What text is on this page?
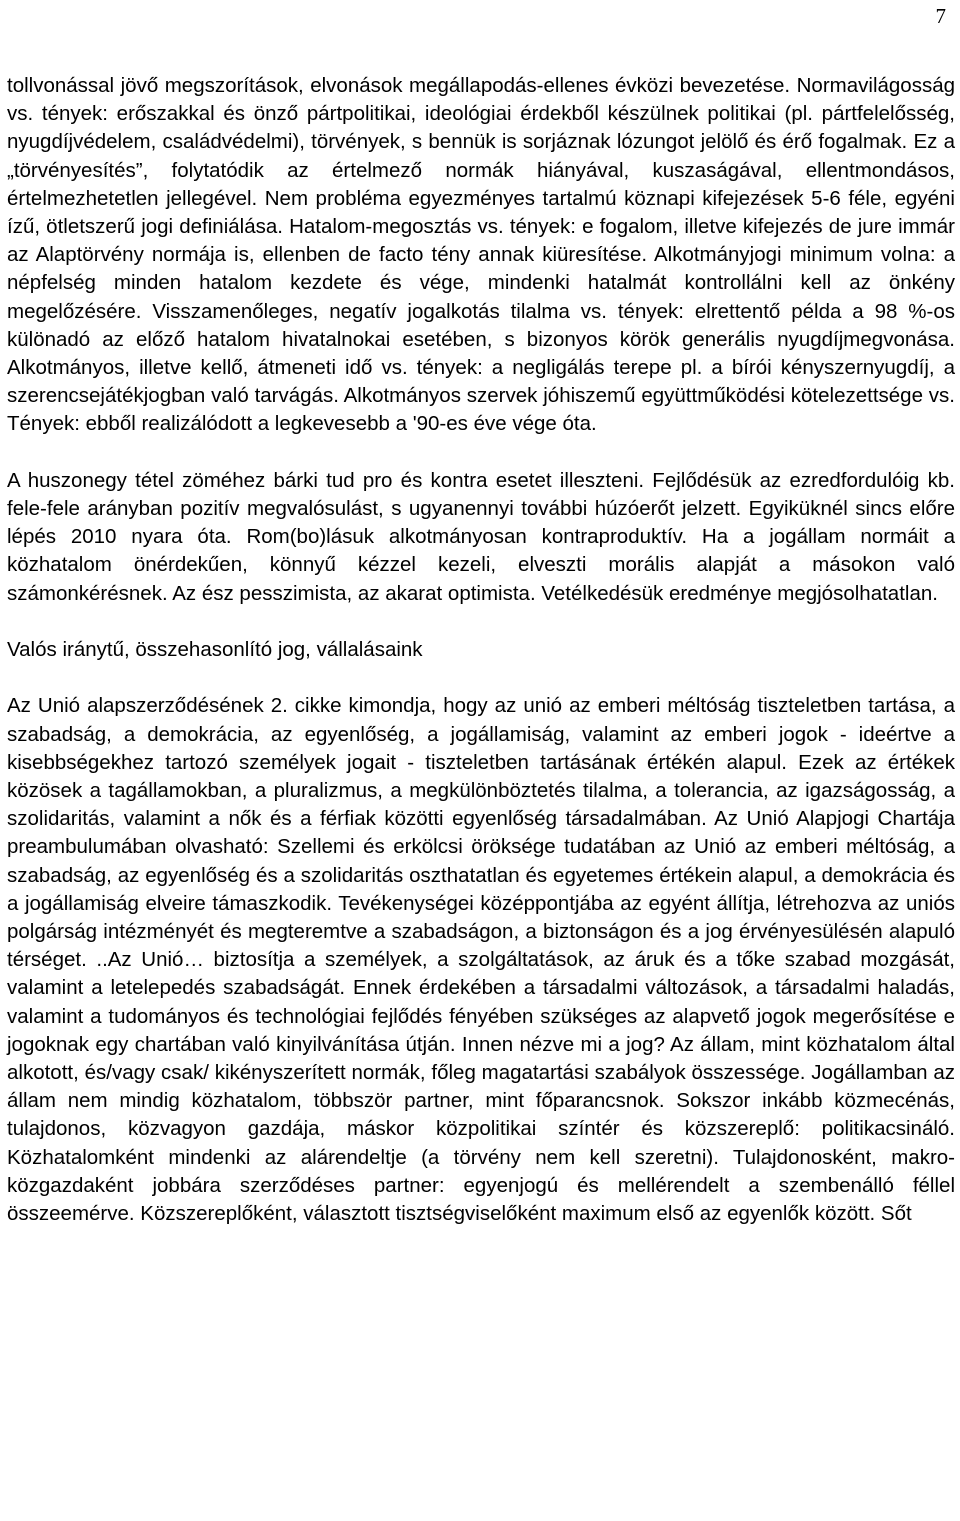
7

tollvonással jövő megszorítások, elvonások megállapodás-ellenes évközi bevezetése. Normavilágosság vs. tények: erőszakkal és önző pártpolitikai, ideológiai érdekből készülnek politikai (pl. pártfelelősség, nyugdíjvédelem, családvédelmi), törvények, s bennük is sorjáznak lózungot jelölő és érő fogalmak. Ez a „törvényesítés”, folytatódik az értelmező normák hiányával, kuszaságával, ellentmondásos, értelmezhetetlen jellegével. Nem probléma egyezményes tartalmú köznapi kifejezések 5-6 féle, egyéni ízű, ötletszerű jogi definiálása. Hatalom-megosztás vs. tények: e fogalom, illetve kifejezés de jure immár az Alaptörvény normája is, ellenben de facto tény annak kiüresítése. Alkotmányjogi minimum volna: a népfelség minden hatalom kezdete és vége, mindenki hatalmát kontrollálni kell az önkény megelőzésére. Visszamenőleges, negatív jogalkotás tilalma vs. tények: elrettentő példa a 98 %-os különadó az előző hatalom hivatalnokai esetében, s bizonyos körök generális nyugdíjmegvonása. Alkotmányos, illetve kellő, átmeneti idő vs. tények: a negligálás terepe pl. a bírói kényszernyugdíj, a szerencsejátékjogban való tarvágás. Alkotmányos szervek jóhiszemű együttműködési kötelezettsége vs. Tények: ebből realizálódott a legkevesebb a '90-es éve vége óta.

A huszonegy tétel zöméhez bárki tud pro és kontra esetet illeszteni. Fejlődésük az ezredfordulóig kb. fele-fele arányban pozitív megvalósulást, s ugyanennyi további húzóerőt jelzett. Egyiküknél sincs előre lépés 2010 nyara óta. Rom(bo)lásuk alkotmányosan kontraproduktív. Ha a jogállam normáit a közhatalom önérdekűen, könnyű kézzel kezeli, elveszti morális alapját a másokon való számonkérésnek. Az ész pesszimista, az akarat optimista. Vetélkedésük eredménye megjósolhatatlan.

Valós iránytű, összehasonlító jog, vállalásaink

Az Unió alapszerződésének 2. cikke kimondja, hogy az unió az emberi méltóság tiszteletben tartása, a szabadság, a demokrácia, az egyenlőség, a jogállamiság, valamint az emberi jogok - ideértve a kisebbségekhez tartozó személyek jogait - tiszteletben tartásának értékén alapul. Ezek az értékek közösek a tagállamokban, a pluralizmus, a megkülönböztetés tilalma, a tolerancia, az igazságosság, a szolidaritás, valamint a nők és a férfiak közötti egyenlőség társadalmában. Az Unió Alapjogi Chartája preambulumában olvasható: Szellemi és erkölcsi öröksége tudatában az Unió az emberi méltóság, a szabadság, az egyenlőség és a szolidaritás oszthatatlan és egyetemes értékein alapul, a demokrácia és a jogállamiság elveire támaszkodik. Tevékenységei középpontjába az egyént állítja, létrehozva az uniós polgárság intézményét és megteremtve a szabadságon, a biztonságon és a jog érvényesülésén alapuló térséget. ..Az Unió… biztosítja a személyek, a szolgáltatások, az áruk és a tőke szabad mozgását, valamint a letelepedés szabadságát. Ennek érdekében a társadalmi változások, a társadalmi haladás, valamint a tudományos és technológiai fejlődés fényében szükséges az alapvető jogok megerősítése e jogoknak egy chartában való kinyilvánítása útján. Innen nézve mi a jog? Az állam, mint közhatalom által alkotott, és/vagy csak/ kikényszerített normák, főleg magatartási szabályok összessége. Jogállamban az állam nem mindig közhatalom, többször partner, mint főparancsnok. Sokszor inkább közmecénás, tulajdonos, közvagyon gazdája, máskor közpolitikai színtér és közszereplő: politikacsináló. Közhatalomként mindenki az alárendeltje (a törvény nem kell szeretni). Tulajdonosként, makro-közgazdaként jobbára szerződéses partner: egyenjogú és mellérendelt a szembenálló féllel összeemérve. Közszereplőként, választott tisztségviselőként maximum első az egyenlők között. Sőt
